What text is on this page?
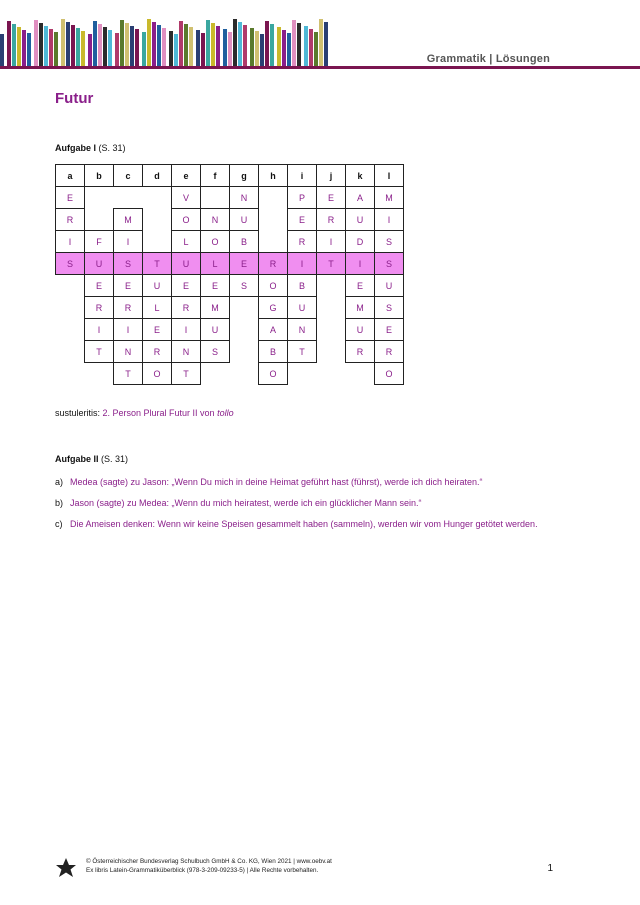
Grammatik | Lösungen
Futur
Aufgabe I (S. 31)
a	b	c	d	e	f	g	h	i	j	k	l
E				V		N		P	E	A	M
R		M		O	N	U		E	R	U	I
I	F	I		L	O	B		R	I	D	S
S	U	S	T	U	L	E	R	I	T	I	S
	E	E	U	E	E	S	O	B		E	U
	R	R	L	R	M		G	U		M	S
	I	I	E	I	U		A	N		U	E
	T	N	R	N	S		B	T		R	R
		T	O	T			O				O
sustuleritis: 2. Person Plural Futur II von tollo
Aufgabe II (S. 31)
a) Medea (sagte) zu Jason: „Wenn Du mich in deine Heimat geführt hast (führst), werde ich dich heiraten.“
b) Jason (sagte) zu Medea: „Wenn du mich heiratest, werde ich ein glücklicher Mann sein.“
c) Die Ameisen denken: Wenn wir keine Speisen gesammelt haben (sammeln), werden wir vom Hunger getötet werden.
© Österreichischer Bundesverlag Schulbuch GmbH & Co. KG, Wien 2021 | www.oebv.at
Ex libris Latein-Grammatiküberblick (978-3-209-09233-5) | Alle Rechte vorbehalten.	1
